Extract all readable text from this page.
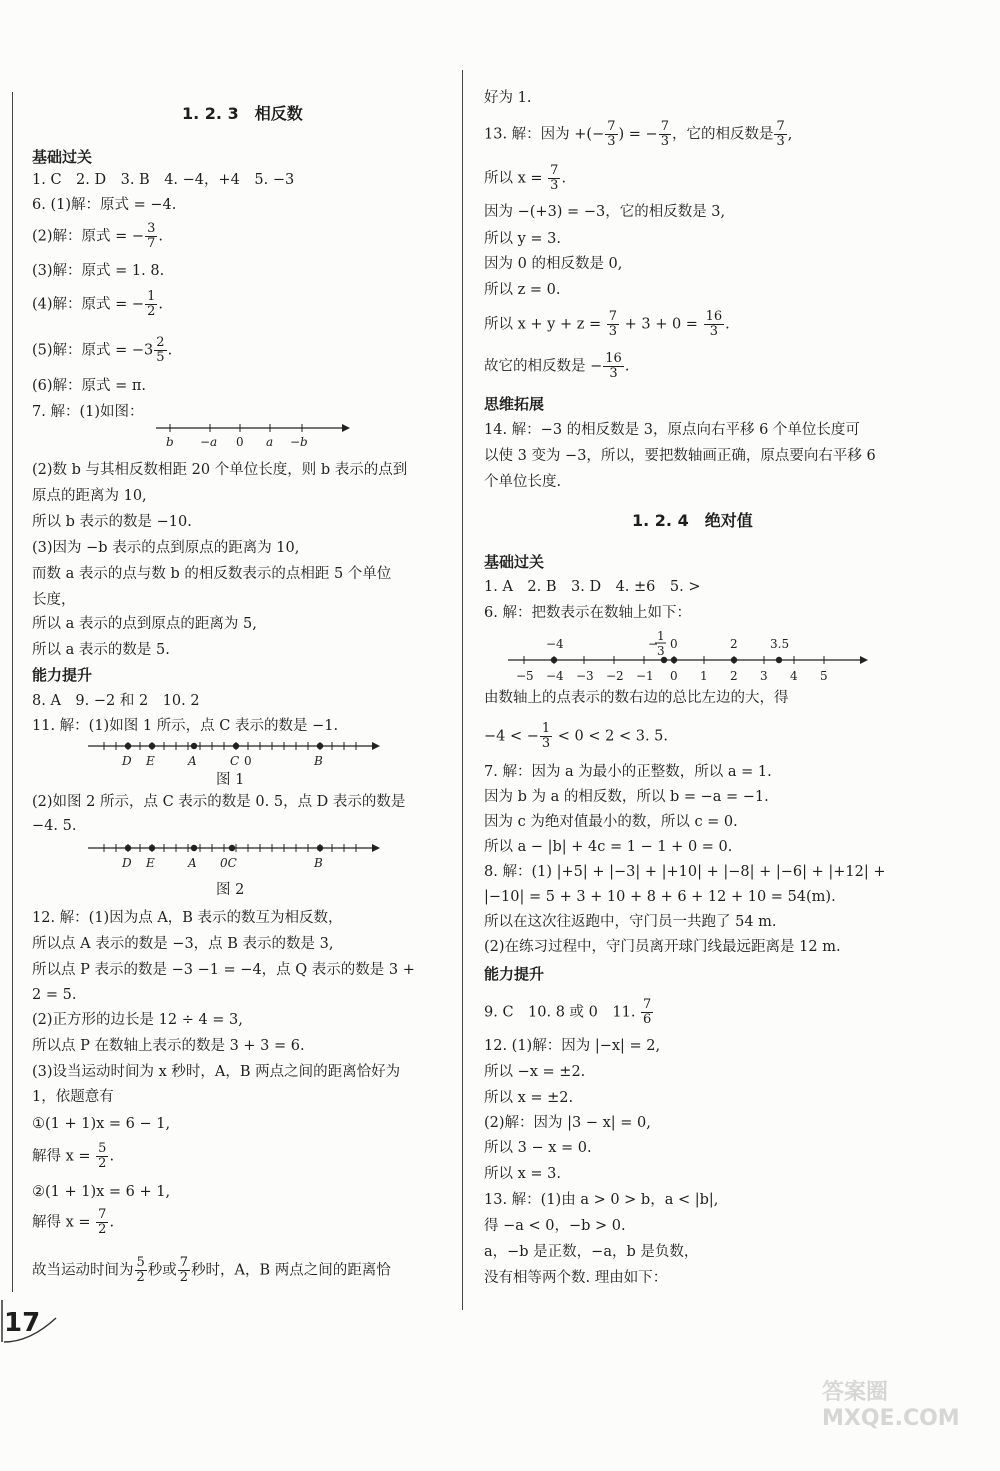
17
1. 2. 3　相反数
基础过关
1. C　2. D　3. B　4. −4，+4　5. −3
6. (1)解：原式 = −4.
(2)解：原式 = − $\frac{3}{7}$ .
(3)解：原式 = 1. 8.
(4)解：原式 = − $\frac{1}{2}$ .
(5)解：原式 = $-3 \frac{2}{5}$ .
(6)解：原式 = π.
7. 解：(1)如图：
b −a 0 a −b
(2)数 b 与其相反数相距 20 个单位长度，则 b 表示的点到
原点的距离为 10,
所以 b 表示的数是 −10.
(3)因为 −b 表示的点到原点的距离为 10,
而数 a 表示的点与数 b 的相反数表示的点相距 5 个单位
长度，
所以 a 表示的点到原点的距离为 5,
所以 a 表示的数是 5.
能力提升
8. A　9. −2 和 2　10. 2
11. 解：(1)如图 1 所示，点 C 表示的数是 −1.
D E	A	C 0	B
图 1
(2)如图 2 所示，点 C 表示的数是 0. 5，点 D 表示的数是
−4. 5.
D E	A 0C	B
图 2
12. 解：(1)因为点 A，B 表示的数互为相反数，
所以点 A 表示的数是 −3，点 B 表示的数是 3,
所以点 P 表示的数是 −3 −1 = −4，点 Q 表示的数是 3 +
2 = 5.
(2)正方形的边长是 12 ÷ 4 = 3,
所以点 P 在数轴上表示的数是 3 + 3 = 6.
(3)设当运动时间为 x 秒时，A，B 两点之间的距离恰好为
1，依题意有
①(1 + 1)x = 6 − 1,
解得 $x = \frac{5}{2}$ .
②(1 + 1)x = 6 + 1,
解得 $x = \frac{7}{2}$ .
故当运动时间为 $\frac{5}{2}$ 秒或 $\frac{7}{2}$ 秒时，A，B 两点之间的距离恰
好为 1.
13. 解：因为 +(− $\frac{7}{3}$ ) = − $\frac{7}{3}$ ，它的相反数是 $\frac{7}{3}$ ,
所以 $x = \frac{7}{3}$ .
因为 −(+3) = −3，它的相反数是 3,
所以 y = 3.
因为 0 的相反数是 0,
所以 z = 0.
所以 $x + y + z = \frac{7}{3} + 3 + 0 = \frac{16}{3}$ .
故它的相反数是 − $\frac{16}{3}$ .
思维拓展
14. 解：−3 的相反数是 3，原点向右平移 6 个单位长度可
以使 3 变为 −3，所以，要把数轴画正确，原点要向右平移 6
个单位长度.
1. 2. 4　绝对值
基础过关
1. A　2. B　3. D　4. ±6　5. >
6. 解：把数表示在数轴上如下：
−5 −4 −3 −2 −1 0 1 2 3 4 5
−4	−
1
3 0	2	3.5
由数轴上的点表示的数右边的总比左边的大，得
−4 < − $\frac{1}{3} < 0 < 2 < 3$. 5.
7. 解：因为 a 为最小的正整数，所以 a = 1.
因为 b 为 a 的相反数，所以 b = −a = −1.
因为 c 为绝对值最小的数，所以 c = 0.
所以 a − |b| + 4c = 1 − 1 + 0 = 0.
8. 解：(1) |+5| + |−3| + |+10| + |−8| + |−6| + |+12| +
|−10| = 5 + 3 + 10 + 8 + 6 + 12 + 10 = 54(m).
所以在这次往返跑中，守门员一共跑了 54 m.
(2)在练习过程中，守门员离开球门线最远距离是 12 m.
能力提升
9. C　10. 8 或 0　11. $\frac{7}{6}$
12. (1)解：因为 |−x| = 2,
所以 −x = ±2.
所以 x = ±2.
(2)解：因为 |3 − x| = 0,
所以 3 − x = 0.
所以 x = 3.
13. 解：(1)由 a > 0 > b，a < |b|,
得 −a < 0，−b > 0.
a，−b 是正数，−a，b 是负数，
没有相等两个数. 理由如下：
答案圈 MXQE.COM
